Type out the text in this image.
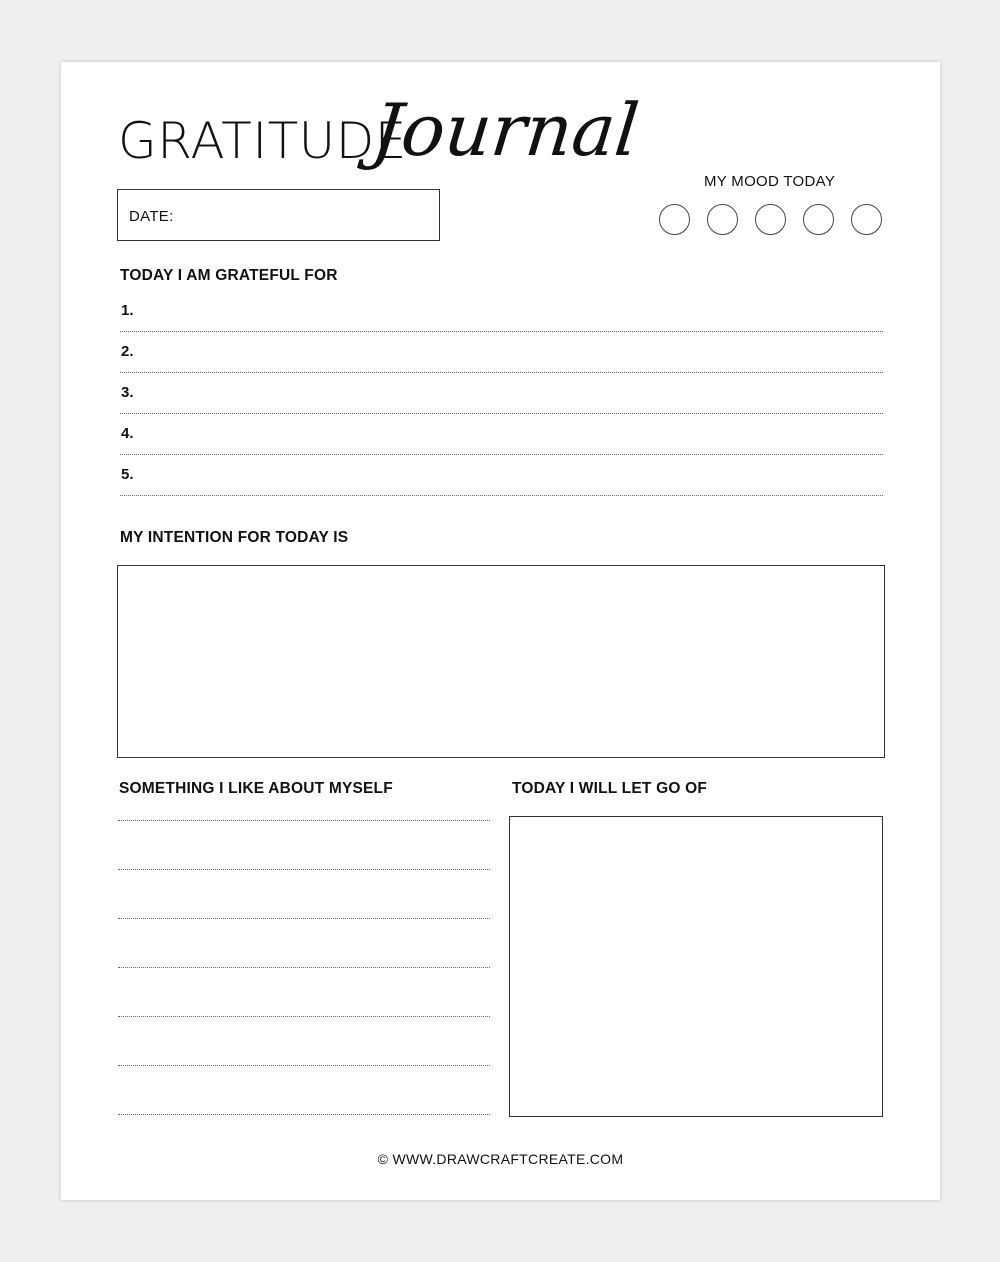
GRATITUDE
Journal
DATE:
MY MOOD TODAY
TODAY I AM GRATEFUL FOR
1.
2.
3.
4.
5.
MY INTENTION FOR TODAY IS
SOMETHING I LIKE ABOUT MYSELF	TODAY I WILL LET GO OF
© WWW.DRAWCRAFTCREATE.COM
